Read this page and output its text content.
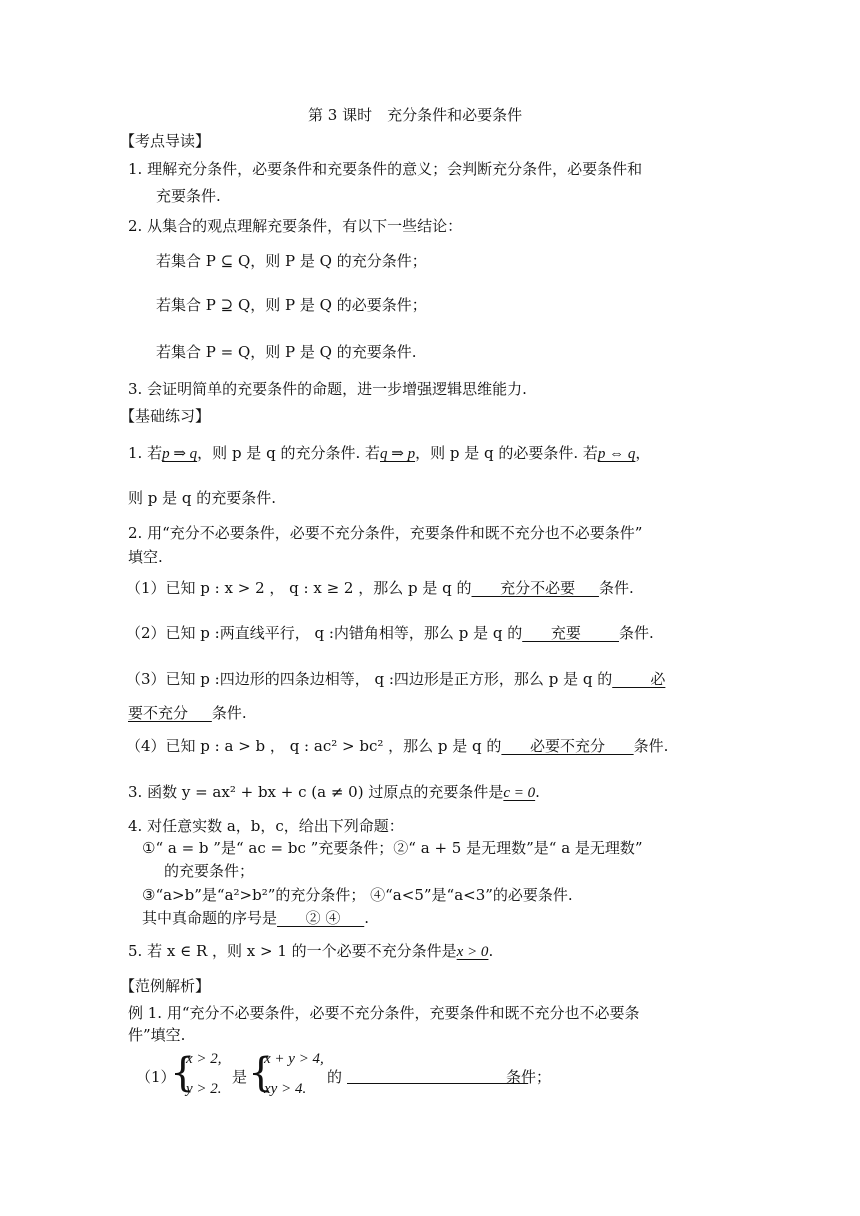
第 3 课时　充分条件和必要条件
【考点导读】
1. 理解充分条件，必要条件和充要条件的意义；会判断充分条件，必要条件和
充要条件.
2. 从集合的观点理解充要条件，有以下一些结论：
若集合 P ⊆ Q，则 P 是 Q 的充分条件；
若集合 P ⊇ Q，则 P 是 Q 的必要条件；
若集合 P = Q，则 P 是 Q 的充要条件.
3. 会证明简单的充要条件的命题，进一步增强逻辑思维能力.
【基础练习】
1. 若p ⇒ q，则 p 是 q 的充分条件. 若q ⇒ p，则 p 是 q 的必要条件. 若p ⇔ q，
则 p 是 q 的充要条件.
2. 用“充分不必要条件，必要不充分条件，充要条件和既不充分也不必要条件”
填空.
（1）已知 p : x > 2 ， q : x ≥ 2 ，那么 p 是 q 的      充分不必要     条件.
（2）已知 p :两直线平行， q :内错角相等，那么 p 是 q 的      充要        条件.
（3）已知 p :四边形的四条边相等， q :四边形是正方形，那么 p 是 q 的        必
要不充分     条件.
（4）已知 p : a > b ， q : ac² > bc² ，那么 p 是 q 的      必要不充分      条件.
3. 函数 y = ax² + bx + c (a ≠ 0) 过原点的充要条件是c = 0.
4. 对任意实数 a，b，c，给出下列命题：
①“ a = b ”是“ ac = bc ”充要条件；②“ a + 5 是无理数”是“ a 是无理数”
的充要条件；
③“a>b”是“a²>b²”的充分条件； ④“a<5”是“a<3”的必要条件.
其中真命题的序号是      ② ④     .
5. 若 x ∈ R ，则 x > 1 的一个必要不充分条件是x > 0.
【范例解析】
例 1. 用“充分不必要条件，必要不充分条件，充要条件和既不充分也不必要条
件”填空.
（1）
{
x > 2,
y > 2.
是 {
x + y > 4,
xy > 4.
的
	条件；
